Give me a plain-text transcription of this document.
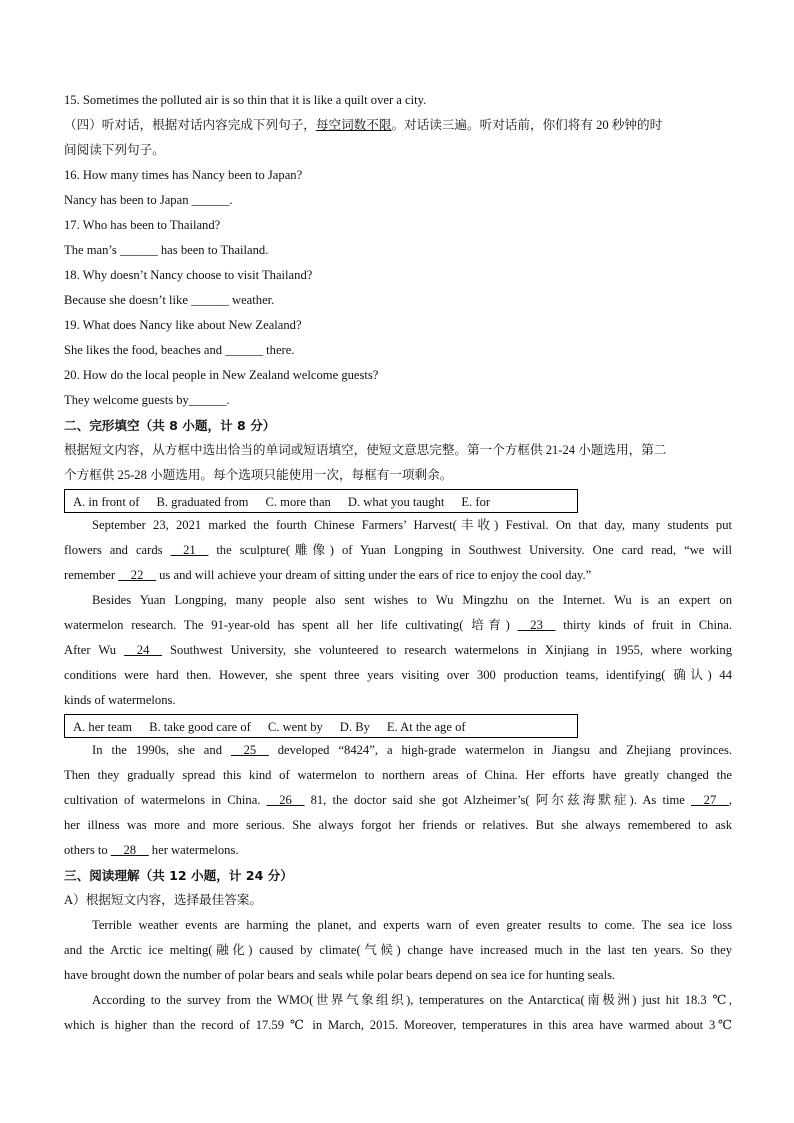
15. Sometimes the polluted air is so thin that it is like a quilt over a city.
（四）听对话，根据对话内容完成下列句子，每空词数不限。对话读三遍。听对话前，你们将有 20 秒钟的时
间阅读下列句子。
16. How many times has Nancy been to Japan?
Nancy has been to Japan ______.
17. Who has been to Thailand?
The man’s ______ has been to Thailand.
18. Why doesn’t Nancy choose to visit Thailand?
Because she doesn’t like ______ weather.
19. What does Nancy like about New Zealand?
She likes the food, beaches and ______ there.
20. How do the local people in New Zealand welcome guests?
They welcome guests by______.
二、完形填空（共 8 小题，计 8 分）
根据短文内容，从方框中选出恰当的单词或短语填空，使短文意思完整。第一个方框供 21-24 小题选用，第二
个方框供 25-28 小题选用。每个选项只能使用一次，每框有一项剩余。
A. in front of B. graduated from C. more than D. what you taught E. for
September 23, 2021 marked the fourth Chinese Farmers’ Harvest(丰收) Festival. On that day, many students put
flowers and cards __21__ the sculpture(雕像) of Yuan Longping in Southwest University. One card read, “we will
remember __22__ us and will achieve your dream of sitting under the ears of rice to enjoy the cool day.”
Besides Yuan Longping, many people also sent wishes to Wu Mingzhu on the Internet. Wu is an expert on
watermelon research. The 91-year-old has spent all her life cultivating( 培育) __23__ thirty kinds of fruit in China.
After Wu __24__ Southwest University, she volunteered to research watermelons in Xinjiang in 1955, where working
conditions were hard then. However, she spent three years visiting over 300 production teams, identifying( 确认) 44
kinds of watermelons.
A. her team B. take good care of C. went by D. By E. At the age of
In the 1990s, she and __25__ developed “8424”, a high-grade watermelon in Jiangsu and Zhejiang provinces.
Then they gradually spread this kind of watermelon to northern areas of China. Her efforts have greatly changed the
cultivation of watermelons in China. __26__ 81, the doctor said she got Alzheimer’s( 阿尔兹海默症). As time __27__,
her illness was more and more serious. She always forgot her friends or relatives. But she always remembered to ask
others to __28__ her watermelons.
三、阅读理解（共 12 小题，计 24 分）
A）根据短文内容，选择最佳答案。
Terrible weather events are harming the planet, and experts warn of even greater results to come. The sea ice loss
and the Arctic ice melting(融化) caused by climate(气候) change have increased much in the last ten years. So they
have brought down the number of polar bears and seals while polar bears depend on sea ice for hunting seals.
According to the survey from the WMO(世界气象组织), temperatures on the Antarctica(南极洲) just hit 18.3 ℃,
which is higher than the record of 17.59 ℃ in March, 2015. Moreover, temperatures in this area have warmed about 3℃
